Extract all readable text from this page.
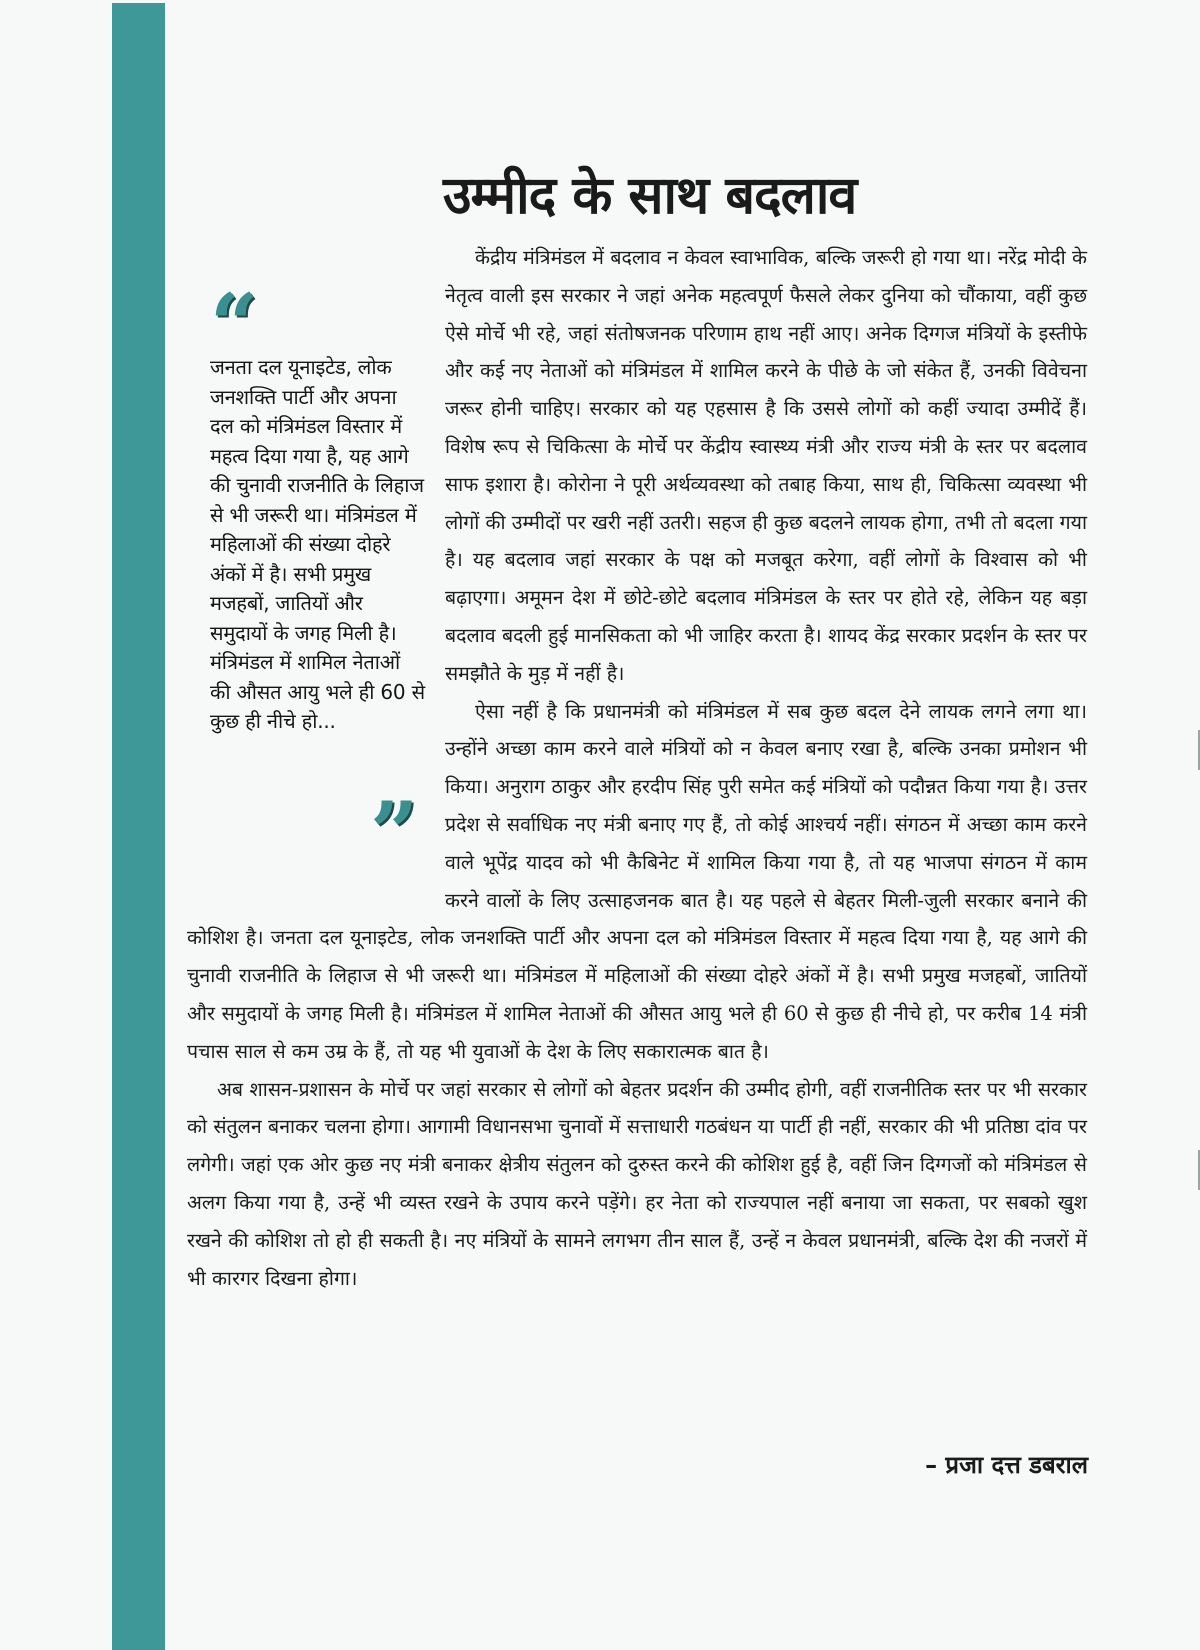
उम्मीद के साथ बदलाव
“
जनता दल यूनाइटेड, लोक जनशक्ति पार्टी और अपना दल को मंत्रिमंडल विस्तार में महत्व दिया गया है, यह आगे की चुनावी राजनीति के लिहाज से भी जरूरी था। मंत्रिमंडल में महिलाओं की संख्या दोहरे अंकों में है। सभी प्रमुख मजहबों, जातियों और समुदायों के जगह मिली है। मंत्रिमंडल में शामिल नेताओं की औसत आयु भले ही 60 से कुछ ही नीचे हो...
”

केंद्रीय मंत्रिमंडल में बदलाव न केवल स्वाभाविक, बल्कि जरूरी हो गया था। नरेंद्र मोदी के नेतृत्व वाली इस सरकार ने जहां अनेक महत्वपूर्ण फैसले लेकर दुनिया को चौंकाया, वहीं कुछ ऐसे मोर्चे भी रहे, जहां संतोषजनक परिणाम हाथ नहीं आए। अनेक दिग्गज मंत्रियों के इस्तीफे और कई नए नेताओं को मंत्रिमंडल में शामिल करने के पीछे के जो संकेत हैं, उनकी विवेचना जरूर होनी चाहिए। सरकार को यह एहसास है कि उससे लोगों को कहीं ज्यादा उम्मीदें हैं। विशेष रूप से चिकित्सा के मोर्चे पर केंद्रीय स्वास्थ्य मंत्री और राज्य मंत्री के स्तर पर बदलाव साफ इशारा है। कोरोना ने पूरी अर्थव्यवस्था को तबाह किया, साथ ही, चिकित्सा व्यवस्था भी लोगों की उम्मीदों पर खरी नहीं उतरी। सहज ही कुछ बदलने लायक होगा, तभी तो बदला गया है। यह बदलाव जहां सरकार के पक्ष को मजबूत करेगा, वहीं लोगों के विश्वास को भी बढ़ाएगा। अमूमन देश में छोटे-छोटे बदलाव मंत्रिमंडल के स्तर पर होते रहे, लेकिन यह बड़ा बदलाव बदली हुई मानसिकता को भी जाहिर करता है। शायद केंद्र सरकार प्रदर्शन के स्तर पर समझौते के मुड़ में नहीं है।

ऐसा नहीं है कि प्रधानमंत्री को मंत्रिमंडल में सब कुछ बदल देने लायक लगने लगा था। उन्होंने अच्छा काम करने वाले मंत्रियों को न केवल बनाए रखा है, बल्कि उनका प्रमोशन भी किया। अनुराग ठाकुर और हरदीप सिंह पुरी समेत कई मंत्रियों को पदौन्नत किया गया है। उत्तर प्रदेश से सर्वाधिक नए मंत्री बनाए गए हैं, तो कोई आश्चर्य नहीं। संगठन में अच्छा काम करने वाले भूपेंद्र यादव को भी कैबिनेट में शामिल किया गया है, तो यह भाजपा संगठन में काम करने वालों के लिए उत्साहजनक बात है। यह पहले से बेहतर मिली-जुली सरकार बनाने की कोशिश है। जनता दल यूनाइटेड, लोक जनशक्ति पार्टी और अपना दल को मंत्रिमंडल विस्तार में महत्व दिया गया है, यह आगे की चुनावी राजनीति के लिहाज से भी जरूरी था। मंत्रिमंडल में महिलाओं की संख्या दोहरे अंकों में है। सभी प्रमुख मजहबों, जातियों और समुदायों के जगह मिली है। मंत्रिमंडल में शामिल नेताओं की औसत आयु भले ही 60 से कुछ ही नीचे हो, पर करीब 14 मंत्री पचास साल से कम उम्र के हैं, तो यह भी युवाओं के देश के लिए सकारात्मक बात है।

अब शासन-प्रशासन के मोर्चे पर जहां सरकार से लोगों को बेहतर प्रदर्शन की उम्मीद होगी, वहीं राजनीतिक स्तर पर भी सरकार को संतुलन बनाकर चलना होगा। आगामी विधानसभा चुनावों में सत्ताधारी गठबंधन या पार्टी ही नहीं, सरकार की भी प्रतिष्ठा दांव पर लगेगी। जहां एक ओर कुछ नए मंत्री बनाकर क्षेत्रीय संतुलन को दुरुस्त करने की कोशिश हुई है, वहीं जिन दिग्गजों को मंत्रिमंडल से अलग किया गया है, उन्हें भी व्यस्त रखने के उपाय करने पड़ेंगे। हर नेता को राज्यपाल नहीं बनाया जा सकता, पर सबको खुश रखने की कोशिश तो हो ही सकती है। नए मंत्रियों के सामने लगभग तीन साल हैं, उन्हें न केवल प्रधानमंत्री, बल्कि देश की नजरों में भी कारगर दिखना होगा।

– प्रजा दत्त डबराल
